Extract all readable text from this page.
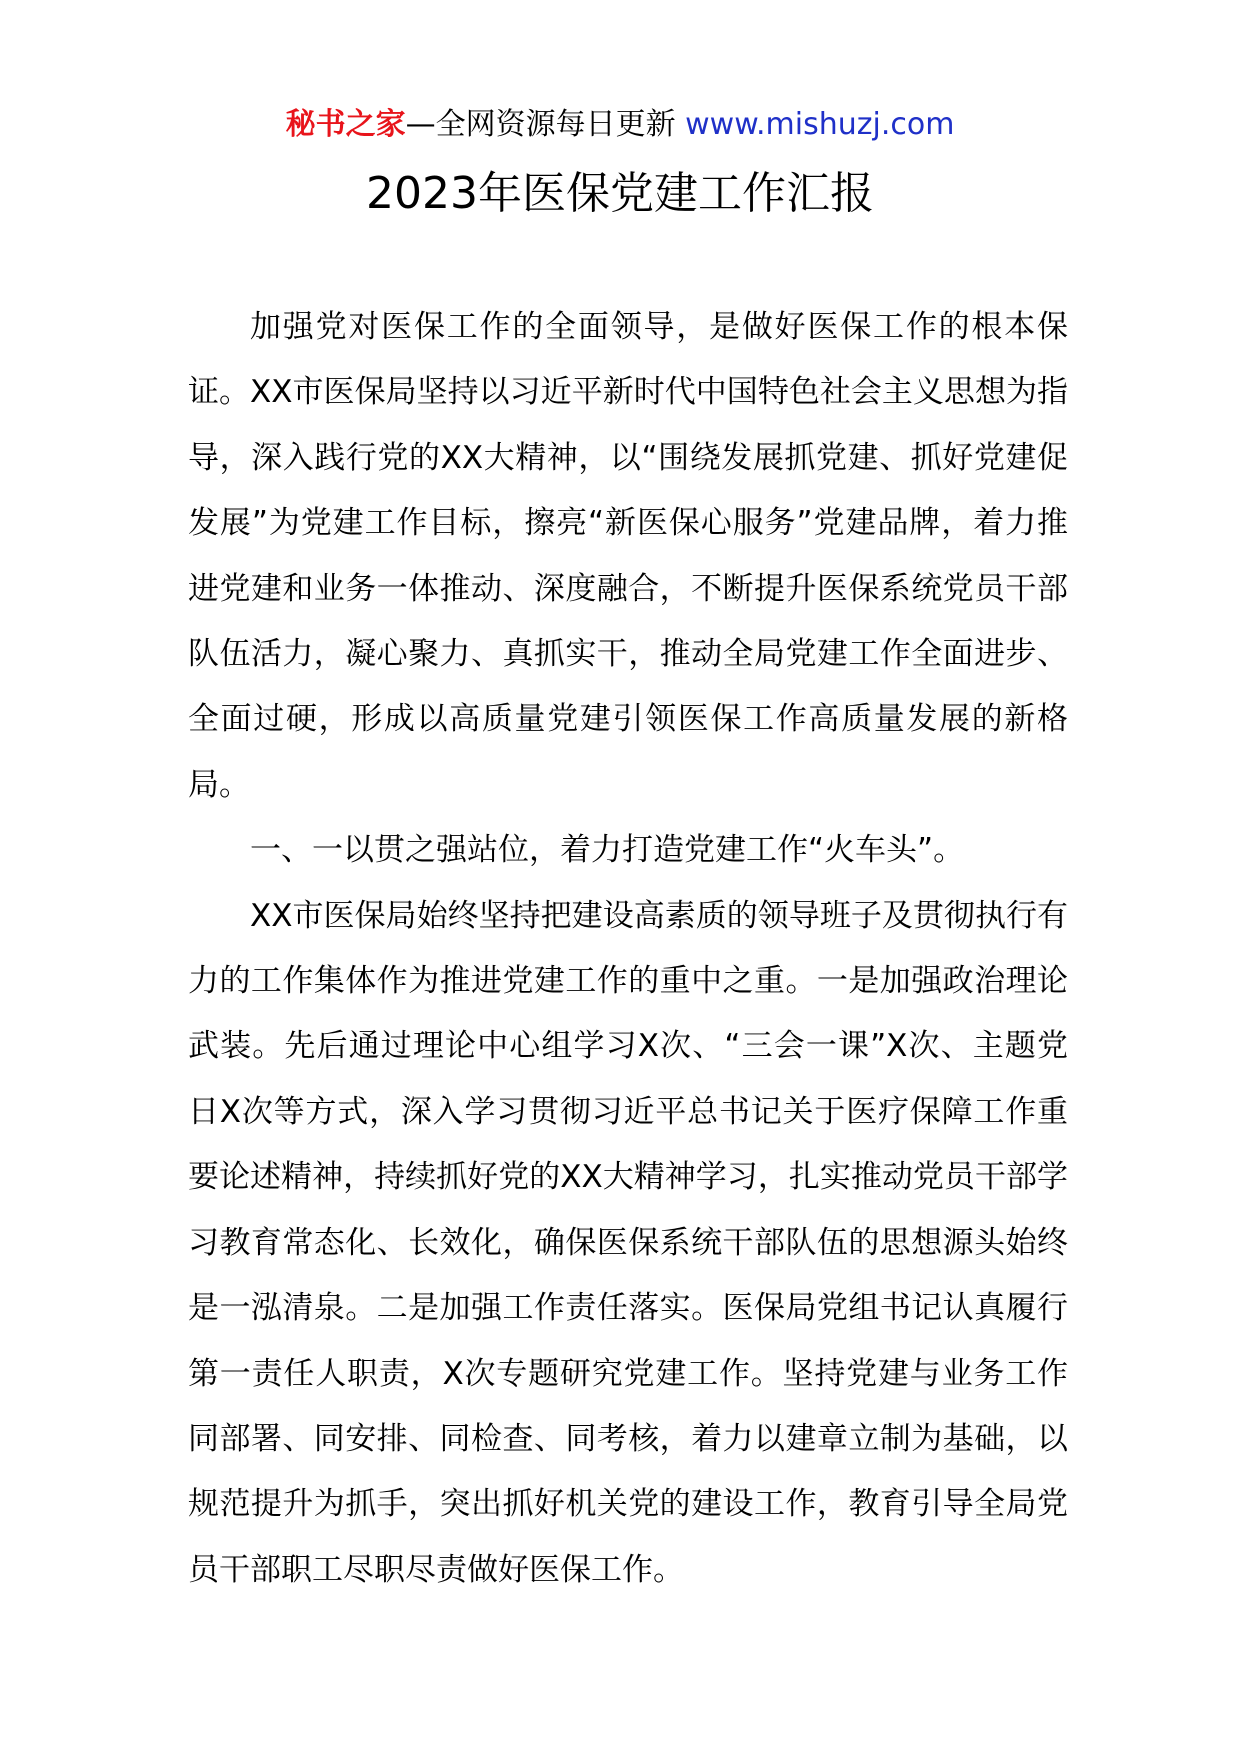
秘书之家—全网资源每日更新 www.mishuzj.com
2023年医保党建工作汇报

加强党对医保工作的全面领导，是做好医保工作的根本保证。XX市医保局坚持以习近平新时代中国特色社会主义思想为指导，深入践行党的XX大精神，以“围绕发展抓党建、抓好党建促发展”为党建工作目标，擦亮“新医保心服务”党建品牌，着力推进党建和业务一体推动、深度融合，不断提升医保系统党员干部队伍活力，凝心聚力、真抓实干，推动全局党建工作全面进步、全面过硬，形成以高质量党建引领医保工作高质量发展的新格局。

一、一以贯之强站位，着力打造党建工作“火车头”。

XX市医保局始终坚持把建设高素质的领导班子及贯彻执行有力的工作集体作为推进党建工作的重中之重。一是加强政治理论武装。先后通过理论中心组学习X次、“三会一课”X次、主题党日X次等方式，深入学习贯彻习近平总书记关于医疗保障工作重要论述精神，持续抓好党的XX大精神学习，扎实推动党员干部学习教育常态化、长效化，确保医保系统干部队伍的思想源头始终是一泓清泉。二是加强工作责任落实。医保局党组书记认真履行第一责任人职责，X次专题研究党建工作。坚持党建与业务工作同部署、同安排、同检查、同考核，着力以建章立制为基础，以规范提升为抓手，突出抓好机关党的建设工作，教育引导全局党员干部职工尽职尽责做好医保工作。
